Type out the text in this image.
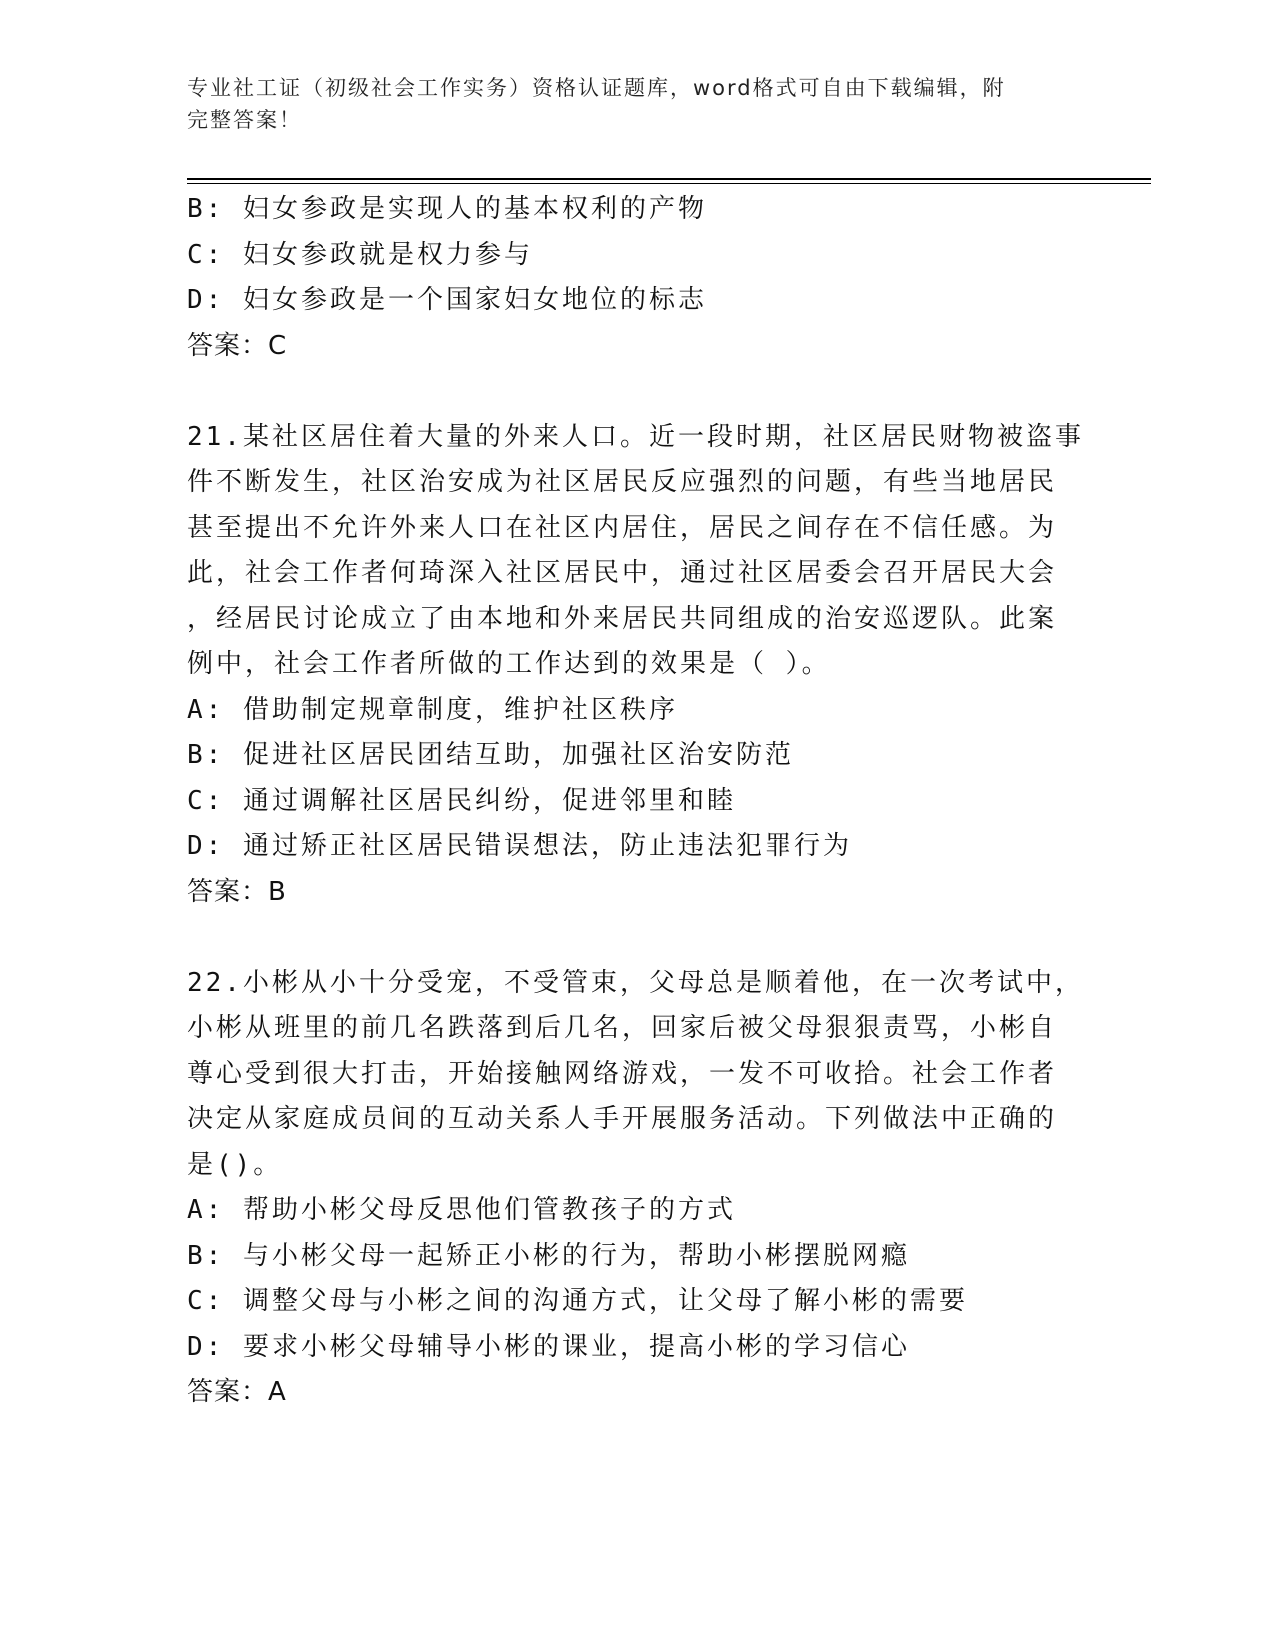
专业社工证（初级社会工作实务）资格认证题库，word格式可自由下载编辑，附
完整答案！
B: 妇女参政是实现人的基本权利的产物
C: 妇女参政就是权力参与
D: 妇女参政是一个国家妇女地位的标志
答案：C
21.某社区居住着大量的外来人口。近一段时期，社区居民财物被盗事
件不断发生，社区治安成为社区居民反应强烈的问题，有些当地居民
甚至提出不允许外来人口在社区内居住，居民之间存在不信任感。为
此，社会工作者何琦深入社区居民中，通过社区居委会召开居民大会
，经居民讨论成立了由本地和外来居民共同组成的治安巡逻队。此案
例中，社会工作者所做的工作达到的效果是（ ）。
A: 借助制定规章制度，维护社区秩序
B: 促进社区居民团结互助，加强社区治安防范
C: 通过调解社区居民纠纷，促进邻里和睦
D: 通过矫正社区居民错误想法，防止违法犯罪行为
答案：B
22.小彬从小十分受宠，不受管束，父母总是顺着他，在一次考试中，
小彬从班里的前几名跌落到后几名，回家后被父母狠狠责骂，小彬自
尊心受到很大打击，开始接触网络游戏，一发不可收拾。社会工作者
决定从家庭成员间的互动关系人手开展服务活动。下列做法中正确的
是()。
A: 帮助小彬父母反思他们管教孩子的方式
B: 与小彬父母一起矫正小彬的行为，帮助小彬摆脱网瘾
C: 调整父母与小彬之间的沟通方式，让父母了解小彬的需要
D: 要求小彬父母辅导小彬的课业，提高小彬的学习信心
答案：A
